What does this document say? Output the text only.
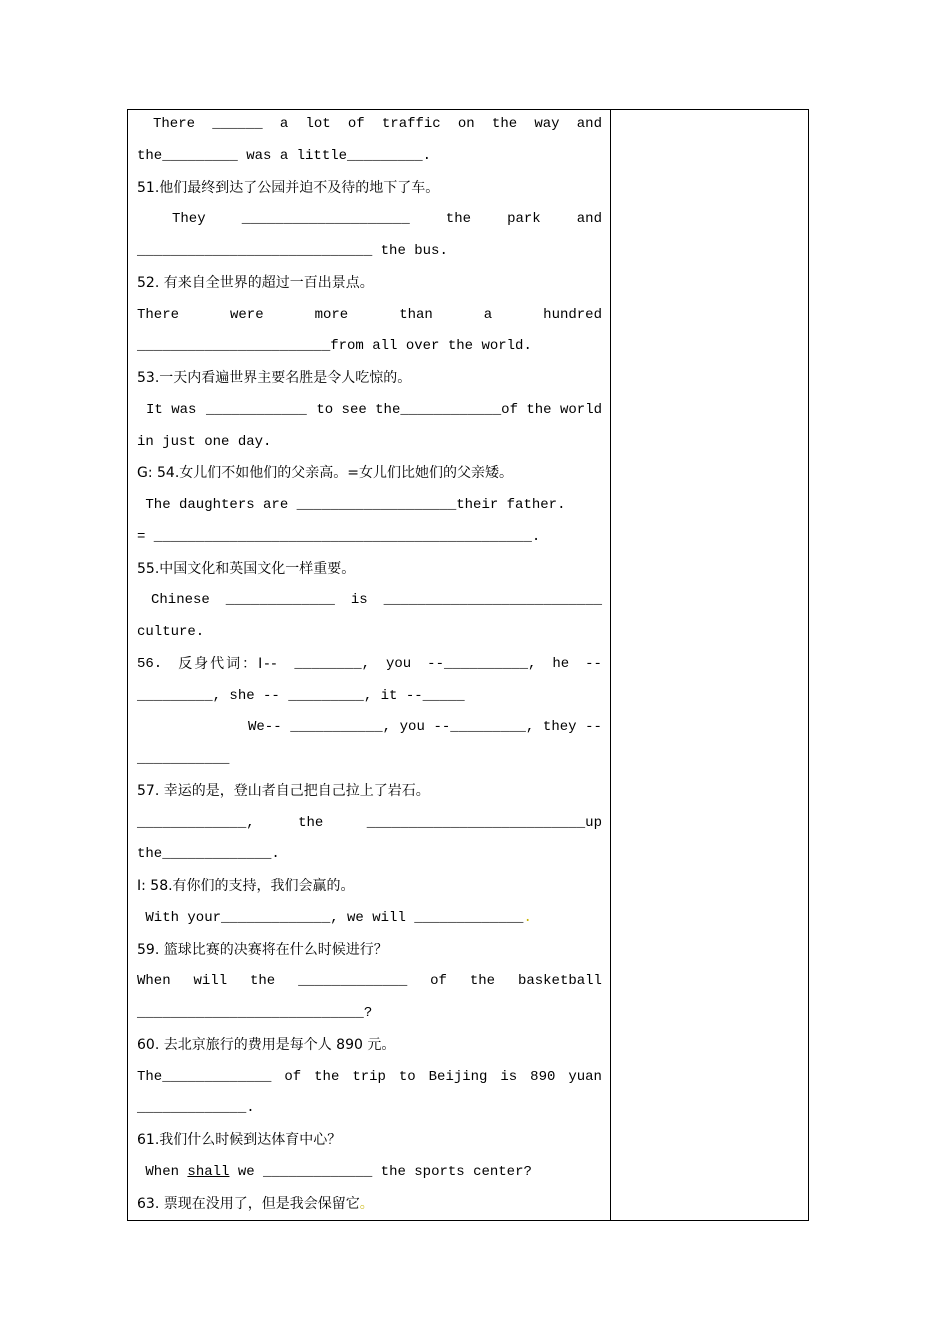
There ______ a lot of traffic on the way and
the_________ was a little_________.
51.他们最终到达了公园并迫不及待的地下了车。
They	____________________	the	park	and
____________________________ the bus.
52. 有来自全世界的超过一百出景点。
There	were	more	than	a	hundred
_______________________from all over the world.
53.一天内看遍世界主要名胜是令人吃惊的。
It was ____________ to see the____________of the world
in just one day.
G: 54.女儿们不如他们的父亲高。=女儿们比她们的父亲矮。
The daughters are ___________________their father.
= _____________________________________________.
55.中国文化和英国文化一样重要。
Chinese _____________ is __________________________
culture.
56. 反身代词：I-- ________, you --__________, he --
_________, she -- _________, it --_____
We-- ___________, you --_________, they --
___________
57. 幸运的是，登山者自己把自己拉上了岩石。
_____________,	the	__________________________up
the_____________.
I: 58.有你们的支持，我们会赢的。
With your_____________, we will _____________.
59. 篮球比赛的决赛将在什么时候进行？
When will the _____________ of the basketball
___________________________?
60. 去北京旅行的费用是每个人 890 元。
The_____________ of the trip to Beijing is 890 yuan
_____________.
61.我们什么时候到达体育中心？
When shall we _____________ the sports center?
63. 票现在没用了，但是我会保留它。
